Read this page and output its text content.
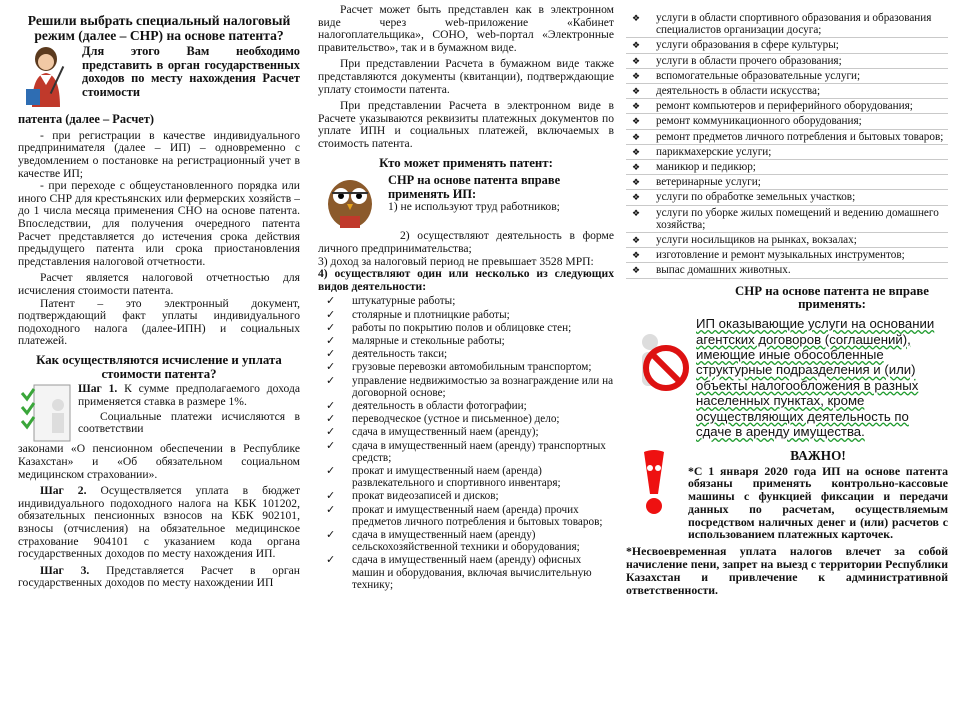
Решили выбрать специальный налоговый режим (далее – СНР) на основе патента?
Для этого Вам необходимо представить в орган государственных доходов по месту нахождения Расчет стоимости

патента (далее – Расчет)

- при регистрации в качестве индивидуального предпринимателя (далее – ИП) – одновременно с уведомлением о постановке на регистрационный учет в качестве ИП;

- при переходе с общеустановленного порядка или иного СНР для крестьянских или фермерских хозяйств – до 1 числа месяца применения СНО на основе патента. Впоследствии, для получения очередного патента Расчет представляется до истечения срока действия предыдущего патента или срока приостановления представления налоговой отчетности.

Расчет является налоговой отчетностью для исчисления стоимости патента.

Патент – это электронный документ, подтверждающий факт уплаты индивидуального подоходного налога (далее-ИПН) и социальных платежей.

Как осуществляются исчисление и уплата стоимости патента?

Шаг 1. К сумме предполагаемого дохода применяется ставка в размере 1%.

Социальные платежи исчисляются в соответствии

законами «О пенсионном обеспечении в Республике Казахстан» и «Об обязательном социальном медицинском страховании».

Шаг 2. Осуществляется уплата в бюджет индивидуального подоходного налога на КБК 101202, обязательных пенсионных взносов на КБК 902101, взносы (отчисления) на обязательное медицинское страхование 904101 с указанием кода органа государственных доходов по месту нахождения ИП.

Шаг 3. Представляется Расчет в орган государственных доходов по месту нахождении ИП

Расчет может быть представлен как в электронном виде через web-приложение «Кабинет налогоплательщика», СОНО, web-портал «Электронные правительство», так и в бумажном виде.

При представлении Расчета в бумажном виде также представляются документы (квитанции), подтверждающие уплату стоимости патента.

При представлении Расчета в электронном виде в Расчете указываются реквизиты платежных документов по уплате ИПН и социальных платежей, включаемых в стоимость патента.

Кто может применять патент:
СНР на основе патента вправе применять ИП:

1) не используют труд работников;

2) осуществляют деятельность в форме личного предпринимательства;

3) доход за налоговый период не превышает 3528 МРП:

4) осуществляют один или несколько из следующих видов деятельности:

✓ штукатурные работы;
✓ столярные и плотницкие работы;
✓ работы по покрытию полов и облицовке стен;
✓ малярные и стекольные работы;
✓ деятельность такси;
✓ грузовые перевозки автомобильным транспортом;
✓ управление недвижимостью за вознаграждение или на договорной основе;
✓ деятельность в области фотографии;
✓ переводческое (устное и письменное) дело;
✓ сдача в имущественный наем (аренду);
✓ сдача в имущественный наем (аренду) транспортных средств;
✓ прокат и имущественный наем (аренда) развлекательного и спортивного инвентаря;
✓ прокат видеозаписей и дисков;
✓ прокат и имущественный наем (аренда) прочих предметов личного потребления и бытовых товаров;
✓ сдача в имущественный наем (аренду) сельскохозяйственной техники и оборудования;
✓ сдача в имущественный наем (аренду) офисных машин и оборудования, включая вычислительную технику;
❖ услуги в области спортивного образования и образования специалистов организации досуга;
❖ услуги образования в сфере культуры;
❖ услуги в области прочего образования;
❖ вспомогательные образовательные услуги;
❖ деятельность в области искусства;
❖ ремонт компьютеров и периферийного оборудования;
❖ ремонт коммуникационного оборудования;
❖ ремонт предметов личного потребления и бытовых товаров;
❖ парикмахерские услуги;
❖ маникюр и педикюр;
❖ ветеринарные услуги;
❖ услуги по обработке земельных участков;
❖ услуги по уборке жилых помещений и ведению домашнего хозяйства;
❖ услуги носильщиков на рынках, вокзалах;
❖ изготовление и ремонт музыкальных инструментов;
❖ выпас домашних животных.
СНР на основе патента не вправе применять:
ИП оказывающие услуги на основании агентских договоров (соглашений), имеющие иные обособленные структурные подразделения и (или) объекты налогообложения в разных населенных пунктах, кроме осуществляющих деятельность по сдаче в аренду имущества.
ВАЖНО!

*С 1 января 2020 года ИП на основе патента обязаны применять контрольно-кассовые машины с функцией фиксации и передачи данных по расчетам, осуществляемым посредством наличных денег и (или) расчетов с использованием платежных карточек.

*Несвоевременная уплата налогов влечет за собой начисление пени, запрет на выезд с территории Республики Казахстан и привлечение к административной ответственности.
